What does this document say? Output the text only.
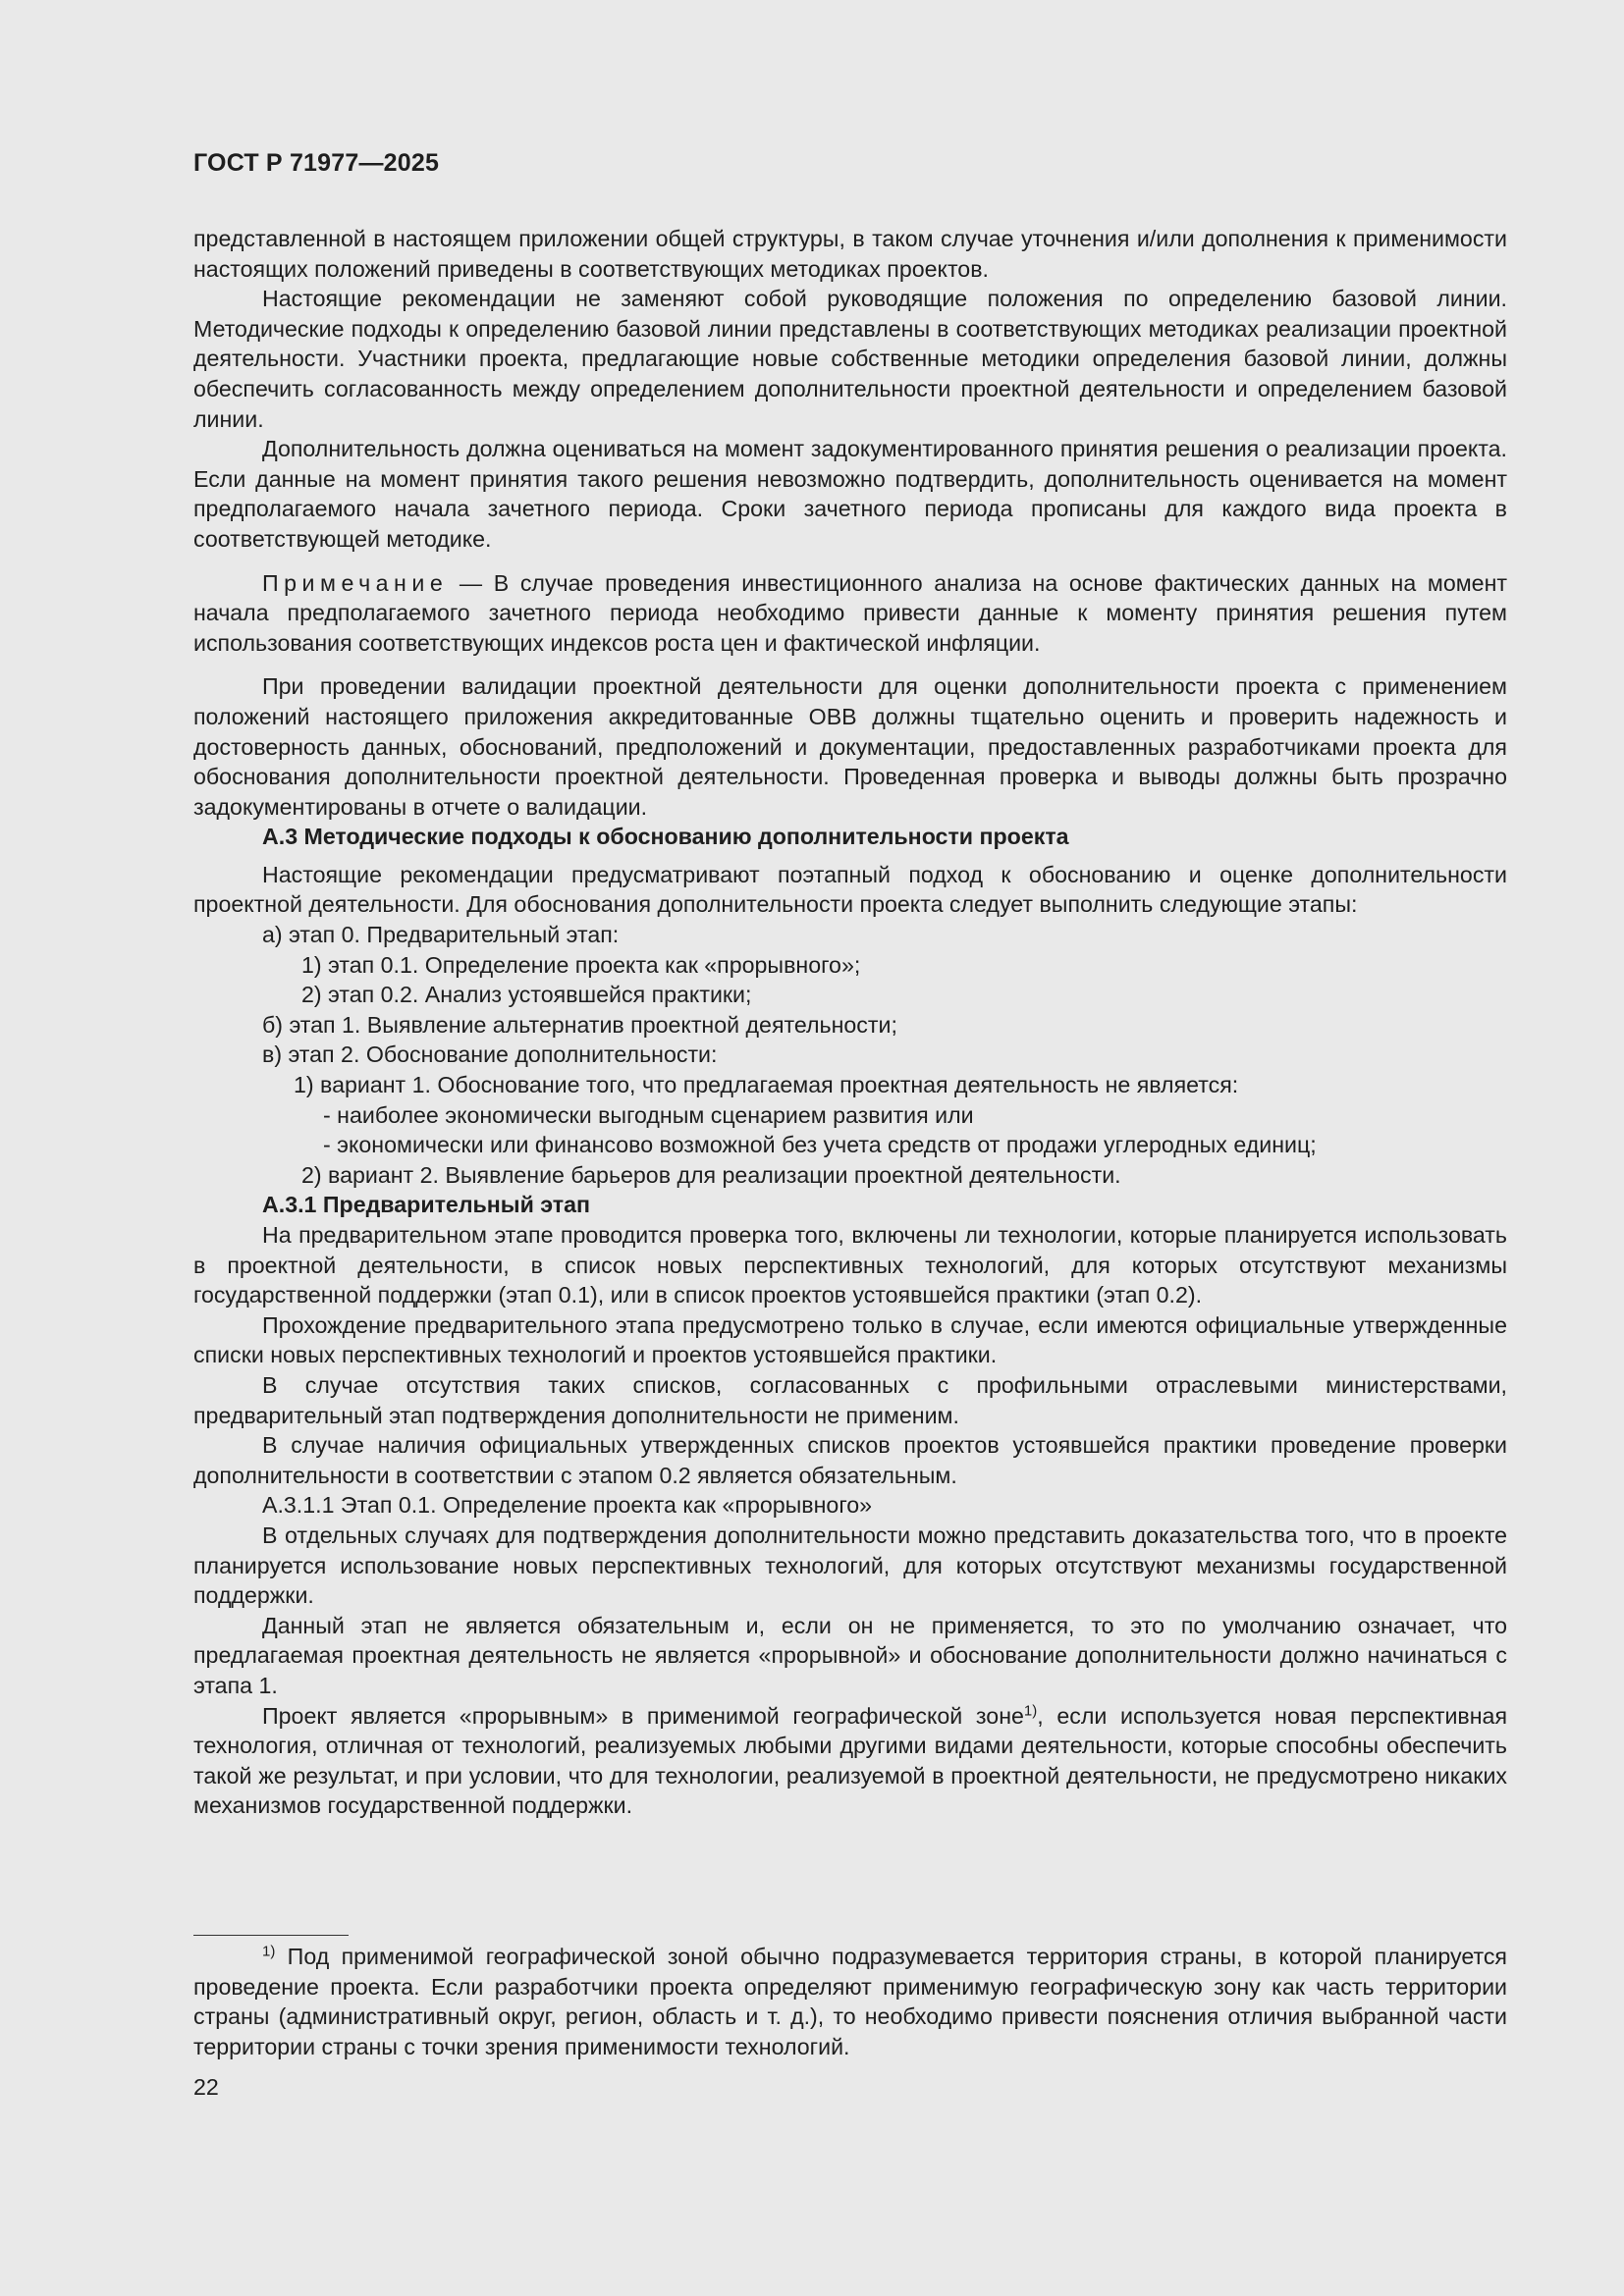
ГОСТ Р 71977—2025

представленной в настоящем приложении общей структуры, в таком случае уточнения и/или дополнения к применимости настоящих положений приведены в соответствующих методиках проектов.

Настоящие рекомендации не заменяют собой руководящие положения по определению базовой линии. Методические подходы к определению базовой линии представлены в соответствующих методиках реализации проектной деятельности. Участники проекта, предлагающие новые собственные методики определения базовой линии, должны обеспечить согласованность между определением дополнительности проектной деятельности и определением базовой линии.

Дополнительность должна оцениваться на момент задокументированного принятия решения о реализации проекта. Если данные на момент принятия такого решения невозможно подтвердить, дополнительность оценивается на момент предполагаемого начала зачетного периода. Сроки зачетного периода прописаны для каждого вида проекта в соответствующей методике.

Примечание — В случае проведения инвестиционного анализа на основе фактических данных на момент начала предполагаемого зачетного периода необходимо привести данные к моменту принятия решения путем использования соответствующих индексов роста цен и фактической инфляции.

При проведении валидации проектной деятельности для оценки дополнительности проекта с применением положений настоящего приложения аккредитованные ОВВ должны тщательно оценить и проверить надежность и достоверность данных, обоснований, предположений и документации, предоставленных разработчиками проекта для обоснования дополнительности проектной деятельности. Проведенная проверка и выводы должны быть прозрачно задокументированы в отчете о валидации.

А.3 Методические подходы к обоснованию дополнительности проекта

Настоящие рекомендации предусматривают поэтапный подход к обоснованию и оценке дополнительности проектной деятельности. Для обоснования дополнительности проекта следует выполнить следующие этапы:

а) этап 0. Предварительный этап:

1) этап 0.1. Определение проекта как «прорывного»;

2) этап 0.2. Анализ устоявшейся практики;

б) этап 1. Выявление альтернатив проектной деятельности;

в) этап 2. Обоснование дополнительности:

1) вариант 1. Обоснование того, что предлагаемая проектная деятельность не является:

- наиболее экономически выгодным сценарием развития или

- экономически или финансово возможной без учета средств от продажи углеродных единиц;

2) вариант 2. Выявление барьеров для реализации проектной деятельности.

А.3.1 Предварительный этап

На предварительном этапе проводится проверка того, включены ли технологии, которые планируется использовать в проектной деятельности, в список новых перспективных технологий, для которых отсутствуют механизмы государственной поддержки (этап 0.1), или в список проектов устоявшейся практики (этап 0.2).

Прохождение предварительного этапа предусмотрено только в случае, если имеются официальные утвержденные списки новых перспективных технологий и проектов устоявшейся практики.

В случае отсутствия таких списков, согласованных с профильными отраслевыми министерствами, предварительный этап подтверждения дополнительности не применим.

В случае наличия официальных утвержденных списков проектов устоявшейся практики проведение проверки дополнительности в соответствии с этапом 0.2 является обязательным.

А.3.1.1 Этап 0.1. Определение проекта как «прорывного»

В отдельных случаях для подтверждения дополнительности можно представить доказательства того, что в проекте планируется использование новых перспективных технологий, для которых отсутствуют механизмы государственной поддержки.

Данный этап не является обязательным и, если он не применяется, то это по умолчанию означает, что предлагаемая проектная деятельность не является «прорывной» и обоснование дополнительности должно начинаться с этапа 1.

Проект является «прорывным» в применимой географической зоне$^{1)}$, если используется новая перспективная технология, отличная от технологий, реализуемых любыми другими видами деятельности, которые способны обеспечить такой же результат, и при условии, что для технологии, реализуемой в проектной деятельности, не предусмотрено никаких механизмов государственной поддержки.

$^{1)}$ Под применимой географической зоной обычно подразумевается территория страны, в которой планируется проведение проекта. Если разработчики проекта определяют применимую географическую зону как часть территории страны (административный округ, регион, область и т. д.), то необходимо привести пояснения отличия выбранной части территории страны с точки зрения применимости технологий.

22
